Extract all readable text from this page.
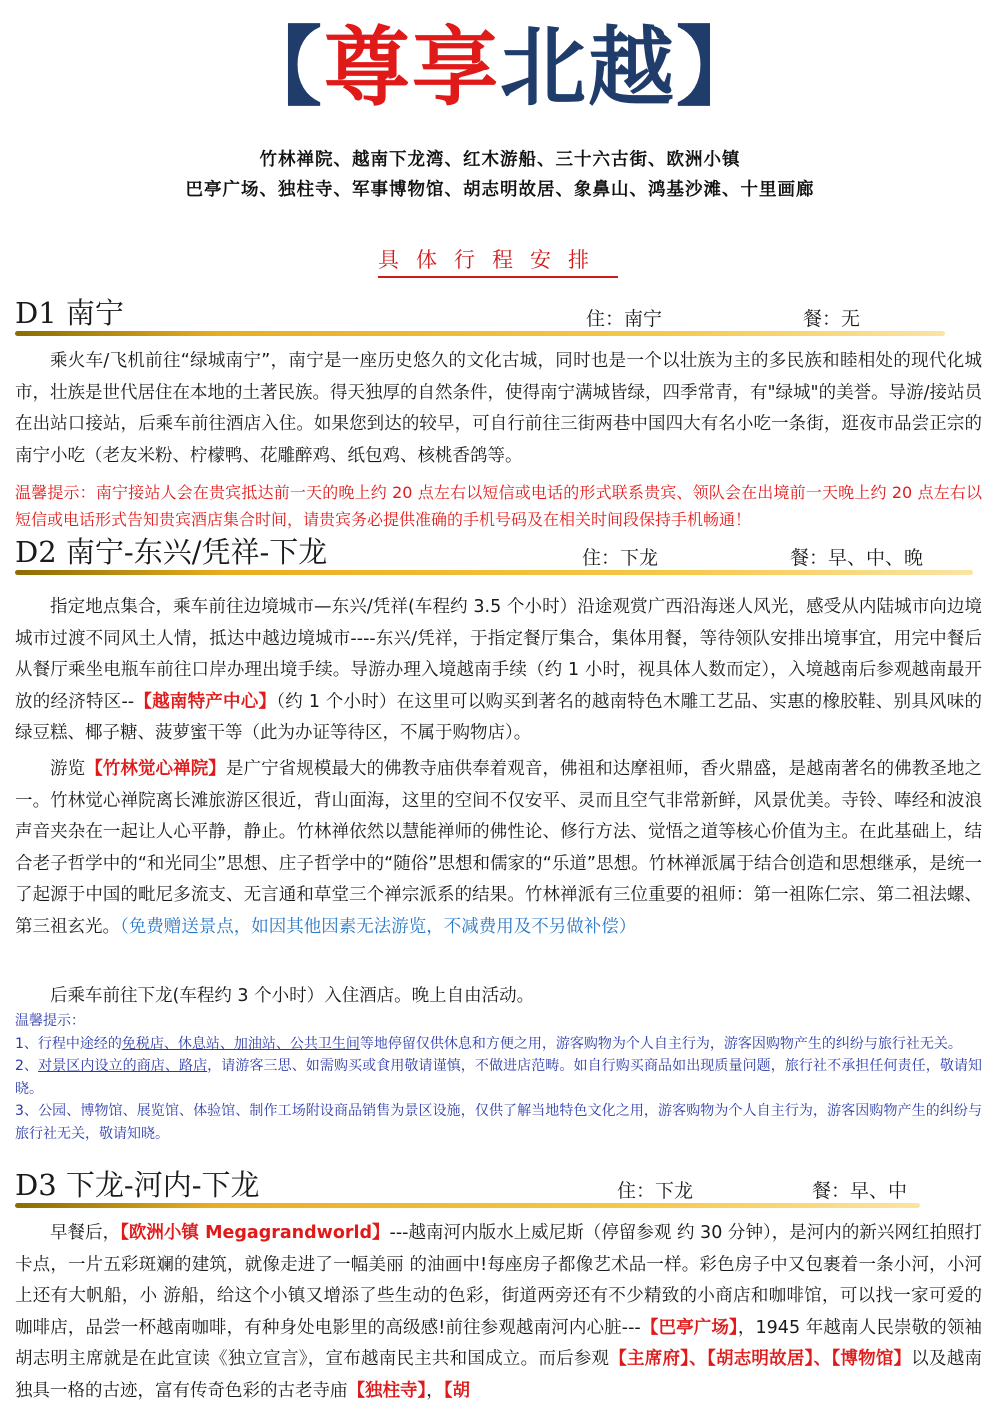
【尊享北越】
竹林禅院、越南下龙湾、红木游船、三十六古街、欧洲小镇
巴亭广场、独柱寺、军事博物馆、胡志明故居、象鼻山、鸿基沙滩、十里画廊
具体行程安排
D1 南宁	住：南宁	餐：无
乘火车/飞机前往“绿城南宁”，南宁是一座历史悠久的文化古城，同时也是一个以壮族为主的多民族和睦相处的现代化城市，壮族是世代居住在本地的土著民族。得天独厚的自然条件，使得南宁满城皆绿，四季常青，有"绿城"的美誉。导游/接站员在出站口接站，后乘车前往酒店入住。如果您到达的较早，可自行前往三街两巷中国四大有名小吃一条街，逛夜市品尝正宗的南宁小吃（老友米粉、柠檬鸭、花雕醉鸡、纸包鸡、核桃香鸽等。
温馨提示：南宁接站人会在贵宾抵达前一天的晚上约 20 点左右以短信或电话的形式联系贵宾、领队会在出境前一天晚上约 20 点左右以短信或电话形式告知贵宾酒店集合时间，请贵宾务必提供准确的手机号码及在相关时间段保持手机畅通！
D2 南宁-东兴/凭祥-下龙	住：下龙	餐：早、中、晚
指定地点集合，乘车前往边境城市—东兴/凭祥(车程约 3.5 个小时）沿途观赏广西沿海迷人风光，感受从内陆城市向边境城市过渡不同风土人情，抵达中越边境城市----东兴/凭祥，于指定餐厅集合，集体用餐，等待领队安排出境事宜，用完中餐后从餐厅乘坐电瓶车前往口岸办理出境手续。导游办理入境越南手续（约 1 小时，视具体人数而定），入境越南后参观越南最开放的经济特区--【越南特产中心】（约 1 个小时）在这里可以购买到著名的越南特色木雕工艺品、实惠的橡胶鞋、别具风味的绿豆糕、椰子糖、菠萝蜜干等（此为办证等待区，不属于购物店）。
游览【竹林觉心禅院】是广宁省规模最大的佛教寺庙供奉着观音，佛祖和达摩祖师，香火鼎盛，是越南著名的佛教圣地之一。竹林觉心禅院离长滩旅游区很近，背山面海，这里的空间不仅安平、灵而且空气非常新鲜，风景优美。寺铃、唪经和波浪声音夹杂在一起让人心平静，静止。竹林禅依然以慧能禅师的佛性论、修行方法、觉悟之道等核心价值为主。在此基础上，结合老子哲学中的“和光同尘”思想、庄子哲学中的“随俗”思想和儒家的“乐道”思想。竹林禅派属于结合创造和思想继承，是统一了起源于中国的毗尼多流支、无言通和草堂三个禅宗派系的结果。竹林禅派有三位重要的祖师：第一祖陈仁宗、第二祖法螺、第三祖玄光。（免费赠送景点，如因其他因素无法游览，不减费用及不另做补偿）
后乘车前往下龙(车程约 3 个小时）入住酒店。晚上自由活动。
温馨提示：
1、行程中途经的免税店、休息站、加油站、公共卫生间等地停留仅供休息和方便之用，游客购物为个人自主行为，游客因购物产生的纠纷与旅行社无关。
2、对景区内设立的商店、路店，请游客三思、如需购买或食用敬请谨慎，不做进店范畴。如自行购买商品如出现质量问题，旅行社不承担任何责任，敬请知晓。
3、公园、博物馆、展览馆、体验馆、制作工场附设商品销售为景区设施，仅供了解当地特色文化之用，游客购物为个人自主行为，游客因购物产生的纠纷与旅行社无关，敬请知晓。
D3 下龙-河内-下龙	住：下龙	餐：早、中
早餐后，【欧洲小镇 Megagrandworld】---越南河内版水上威尼斯（停留参观 约 30 分钟），是河内的新兴网红拍照打卡点，一片五彩斑斓的建筑，就像走进了一幅美丽 的油画中!每座房子都像艺术品一样。彩色房子中又包裹着一条小河，小河上还有大帆船，小 游船，给这个小镇又增添了些生动的色彩，街道两旁还有不少精致的小商店和咖啡馆，可以找一家可爱的咖啡店，品尝一杯越南咖啡，有种身处电影里的高级感!前往参观越南河内心脏---【巴亭广场】，1945 年越南人民崇敬的领袖胡志明主席就是在此宣读《独立宣言》，宣布越南民主共和国成立。而后参观【主席府】、【胡志明故居】、【博物馆】以及越南独具一格的古迹，富有传奇色彩的古老寺庙【独柱寺】，【胡
